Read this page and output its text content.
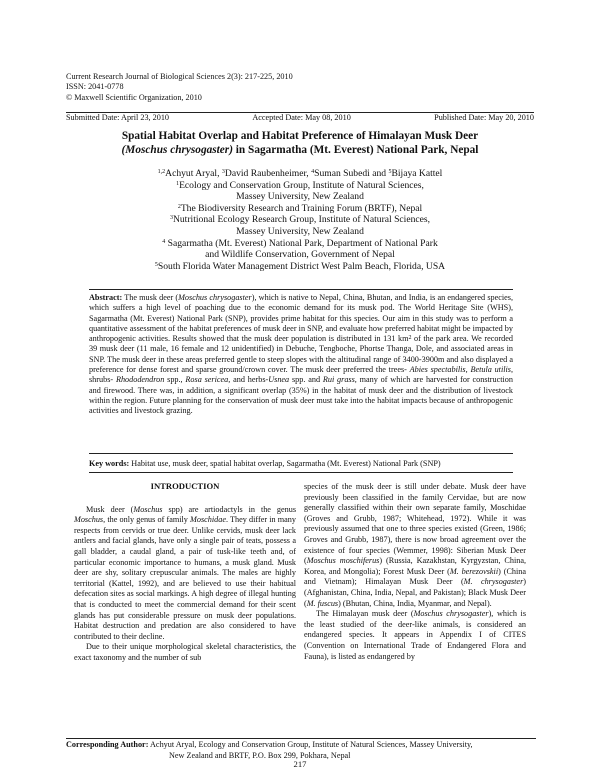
Current Research Journal of Biological Sciences 2(3): 217-225, 2010
ISSN: 2041-0778
© Maxwell Scientific Organization, 2010
Submitted Date: April 23, 2010	Accepted Date: May 08, 2010	Published Date: May 20, 2010
Spatial Habitat Overlap and Habitat Preference of Himalayan Musk Deer
(Moschus chrysogaster) in Sagarmatha (Mt. Everest) National Park, Nepal
$^{1,2}$Achyut Aryal, $^3$David Raubenheimer, $^4$Suman Subedi and $^5$Bijaya Kattel
$^1$Ecology and Conservation Group, Institute of Natural Sciences,
Massey University, New Zealand
$^2$The Biodiversity Research and Training Forum (BRTF), Nepal
$^3$Nutritional Ecology Research Group, Institute of Natural Sciences,
Massey University, New Zealand
$^4$ Sagarmatha (Mt. Everest) National Park, Department of National Park
and Wildlife Conservation, Government of Nepal
$^5$South Florida Water Management District West Palm Beach, Florida, USA
Abstract: The musk deer (Moschus chrysogaster), which is native to Nepal, China, Bhutan, and India, is an endangered species, which suffers a high level of poaching due to the economic demand for its musk pod. The World Heritage Site (WHS), Sagarmatha (Mt. Everest) National Park (SNP), provides prime habitat for this species. Our aim in this study was to perform a quantitative assessment of the habitat preferences of musk deer in SNP, and evaluate how preferred habitat might be impacted by anthropogenic activities. Results showed that the musk deer population is distributed in 131 $km^2$ of the park area. We recorded 39 musk deer (11 male, 16 female and 12 unidentified) in Debuche, Tengboche, Phortse Thanga, Dole, and associated areas in SNP. The musk deer in these areas preferred gentle to steep slopes with the altitudinal range of 3400-3900m and also displayed a preference for dense forest and sparse ground/crown cover. The musk deer preferred the trees- Abies spectabilis, Betula utilis, shrubs- Rhododendron spp., Rosa sericea, and herbs-Usnea spp. and Rui grass, many of which are harvested for construction and firewood. There was, in addition, a significant overlap (35%) in the habitat of musk deer and the distribution of livestock within the region. Future planning for the conservation of musk deer must take into the habitat impacts because of anthropogenic activities and livestock grazing.
Key words: Habitat use, musk deer, spatial habitat overlap, Sagarmatha (Mt. Everest) National Park (SNP)
INTRODUCTION

Musk deer (Moschus spp) are artiodactyls in the genus Moschus, the only genus of family Moschidae. They differ in many respects from cervids or true deer. Unlike cervids, musk deer lack antlers and facial glands, have only a single pair of teats, possess a gall bladder, a caudal gland, a pair of tusk-like teeth and, of particular economic importance to humans, a musk gland. Musk deer are shy, solitary crepuscular animals. The males are highly territorial (Kattel, 1992), and are believed to use their habitual defecation sites as social markings. A high degree of illegal hunting that is conducted to meet the commercial demand for their scent glands has put considerable pressure on musk deer populations. Habitat destruction and predation are also considered to have contributed to their decline.

Due to their unique morphological skeletal characteristics, the exact taxonomy and the number of sub

species of the musk deer is still under debate. Musk deer have previously been classified in the family Cervidae, but are now generally classified within their own separate family, Moschidae (Groves and Grubb, 1987; Whitehead, 1972). While it was previously assumed that one to three species existed (Green, 1986; Groves and Grubb, 1987), there is now broad agreement over the existence of four species (Wemmer, 1998): Siberian Musk Deer (Moschus moschiferus) (Russia, Kazakhstan, Kyrgyzstan, China, Korea, and Mongolia); Forest Musk Deer (M. berezovskii) (China and Vietnam); Himalayan Musk Deer (M. chrysogaster) (Afghanistan, China, India, Nepal, and Pakistan); Black Musk Deer (M. fuscus) (Bhutan, China, India, Myanmar, and Nepal).

The Himalayan musk deer (Moschus chrysogaster), which is the least studied of the deer-like animals, is considered an endangered species. It appears in Appendix I of CITES (Convention on International Trade of Endangered Flora and Fauna), is listed as endangered by

Corresponding Author: Achyut Aryal, Ecology and Conservation Group, Institute of Natural Sciences, Massey University,
New Zealand and BRTF, P.O. Box 299, Pokhara, Nepal
217
